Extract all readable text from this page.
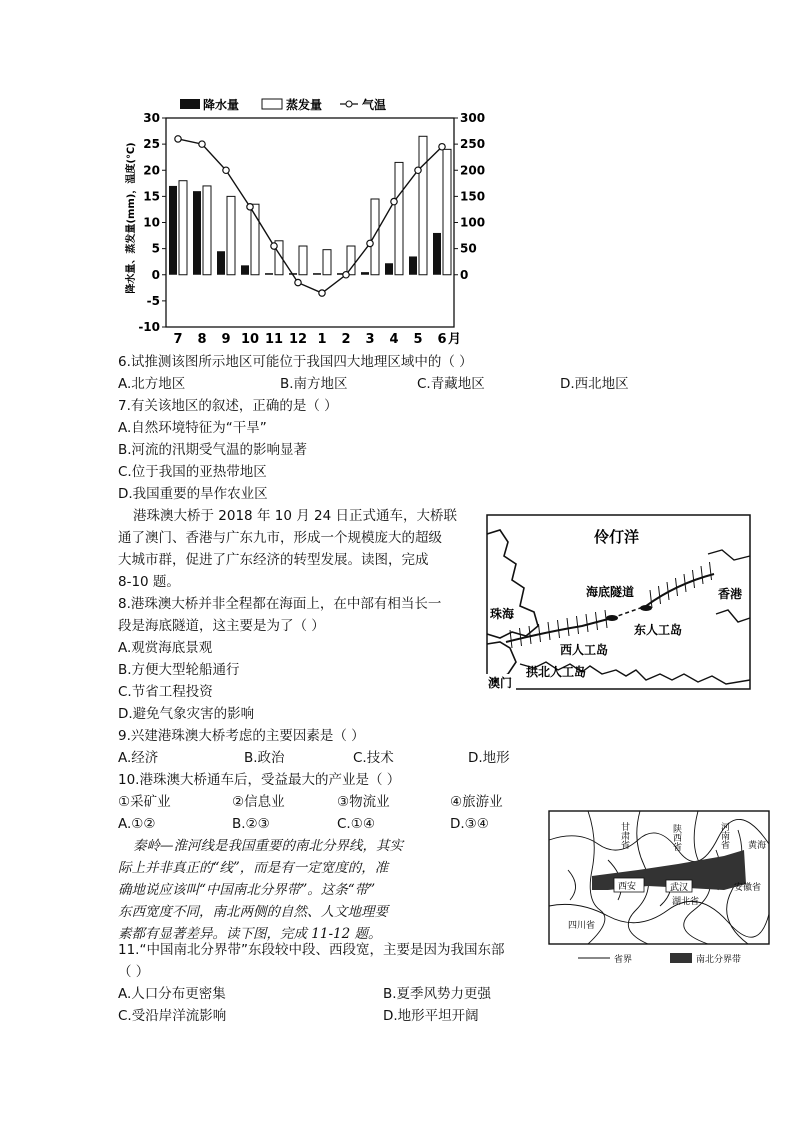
降水量	蒸发量	气温
降水量、蒸发量(mm)，温度(℃)
30
25
20
15
10
5
0
-5
-10
300
250
200
150
100
50
0
7 8 9 10 11 12 1 2 3 4 5 6 月
6.试推测该图所示地区可能位于我国四大地理区域中的（ ）
A.北方地区	B.南方地区	C.青藏地区	D.西北地区
7.有关该地区的叙述，正确的是（ ）
A.自然环境特征为“干旱”
B.河流的汛期受气温的影响显著
C.位于我国的亚热带地区
D.我国重要的旱作农业区
港珠澳大桥于 2018 年 10 月 24 日正式通车，大桥联
通了澳门、香港与广东九市，形成一个规模庞大的超级
大城市群，促进了广东经济的转型发展。读图，完成
8-10 题。
伶仃洋
海底隧道	香港
珠海
东人工岛
西人工岛
拱北人工岛
澳门
8.港珠澳大桥并非全程都在海面上，在中部有相当长一
段是海底隧道，这主要是为了（ ）
A.观赏海底景观
B.方便大型轮船通行
C.节省工程投资
D.避免气象灾害的影响
9.兴建港珠澳大桥考虑的主要因素是（ ）
A.经济	B.政治	C.技术	D.地形
10.港珠澳大桥通车后，受益最大的产业是（ ）
①采矿业	②信息业	③物流业	④旅游业
A.①②	B.②③	C.①④	D.③④
秦岭—淮河线是我国重要的南北分界线，其实
际上并非真正的“线”，而是有一定宽度的，准
确地说应该叫“中国南北分界带”。这条“带”
东西宽度不同，南北两侧的自然、人文地理要
素都有显著差异。读下图，完成 11-12 题。
甘肃省	陕西省	河南省 黄海
安徽省
湖北省
四川省
西安	武汉
省界	南北分界带
11.“中国南北分界带”东段较中段、西段宽，主要是因为我国东部
（ ）
A.人口分布更密集	B.夏季风势力更强
C.受沿岸洋流影响	D.地形平坦开阔
